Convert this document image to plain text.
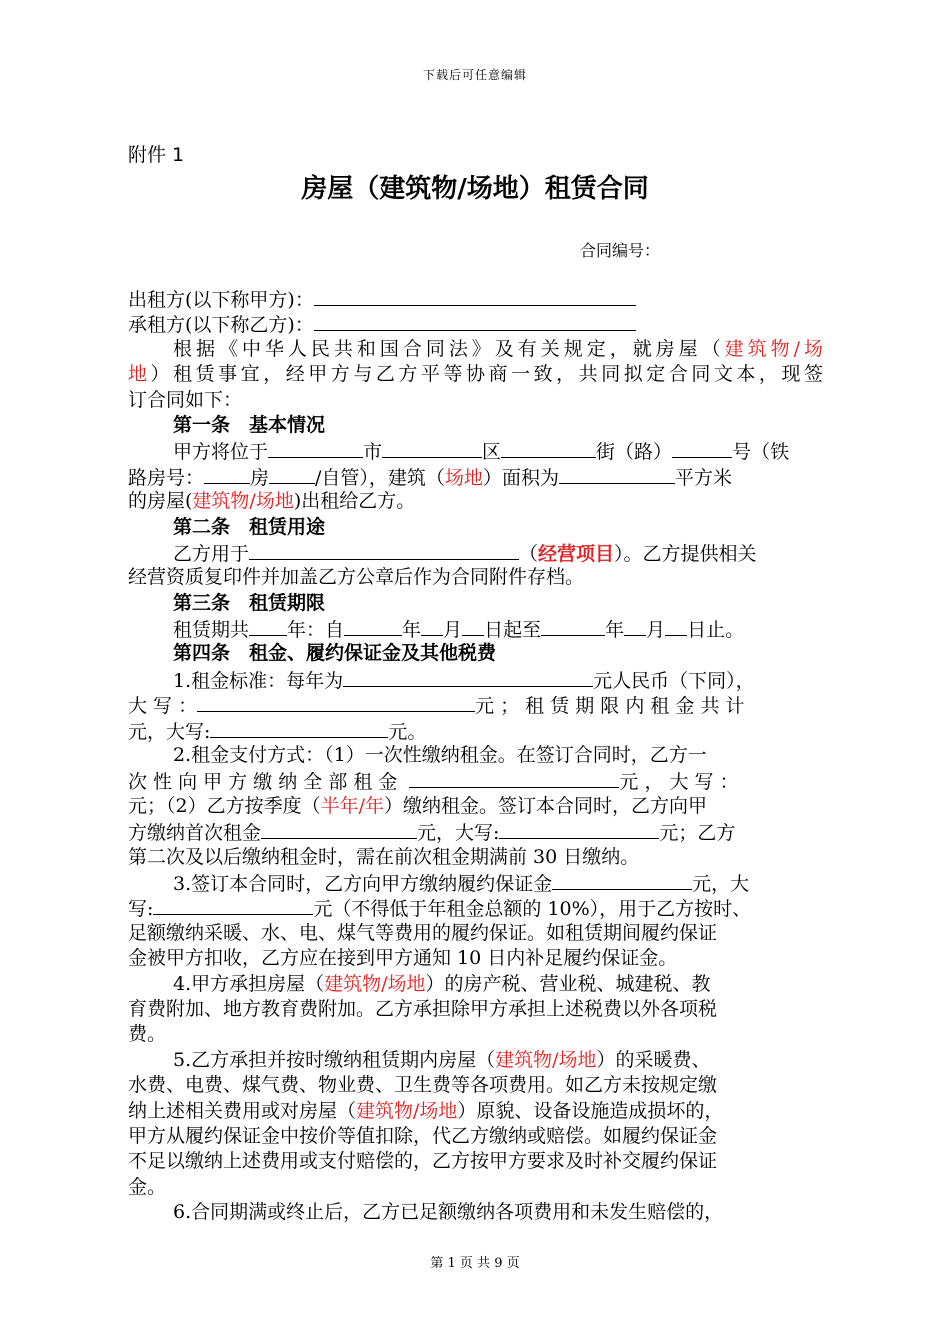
下载后可任意编辑
附件 1
房屋（建筑物/场地）租赁合同
合同编号：
出租方(以下称甲方)：
承租方(以下称乙方)：
根据《中华人民共和国合同法》及有关规定，就房屋（建筑物/场
地）租赁事宜，经甲方与乙方平等协商一致，共同拟定合同文本，现签
订合同如下：
第一条　基本情况
甲方将位于	市	区	街（路）	号（铁
路房号： 房 /自管），建筑（场地）面积为	平方米
的房屋(建筑物/场地)出租给乙方。
第二条　租赁用途
乙方用于	（经营项目）。乙方提供相关
经营资质复印件并加盖乙方公章后作为合同附件存档。
第三条　租赁期限
租赁期共 年：自	年 月 日起至	年 月 日止。
第四条　租金、履约保证金及其他税费
1.租金标准：每年为	元人民币（下同），
大 写 ：	元 ； 租 赁 期 限 内 租 金 共 计
元，大写:	元。
2.租金支付方式：（1）一次性缴纳租金。在签订合同时，乙方一
次 性 向 甲 方 缴 纳 全 部 租 金	元 ， 大 写 ：
元；（2）乙方按季度（半年/年）缴纳租金。签订本合同时，乙方向甲
方缴纳首次租金	元，大写:	元；乙方
第二次及以后缴纳租金时，需在前次租金期满前 30 日缴纳。
3.签订本合同时，乙方向甲方缴纳履约保证金	元，大
写:	元（不得低于年租金总额的 10%），用于乙方按时、
足额缴纳采暖、水、电、煤气等费用的履约保证。如租赁期间履约保证
金被甲方扣收，乙方应在接到甲方通知 10 日内补足履约保证金。
4.甲方承担房屋（建筑物/场地）的房产税、营业税、城建税、教
育费附加、地方教育费附加。乙方承担除甲方承担上述税费以外各项税
费。
5.乙方承担并按时缴纳租赁期内房屋（建筑物/场地）的采暖费、
水费、电费、煤气费、物业费、卫生费等各项费用。如乙方未按规定缴
纳上述相关费用或对房屋（建筑物/场地）原貌、设备设施造成损坏的，
甲方从履约保证金中按价等值扣除，代乙方缴纳或赔偿。如履约保证金
不足以缴纳上述费用或支付赔偿的，乙方按甲方要求及时补交履约保证
金。
6.合同期满或终止后，乙方已足额缴纳各项费用和未发生赔偿的，
第 1 页 共 9 页
